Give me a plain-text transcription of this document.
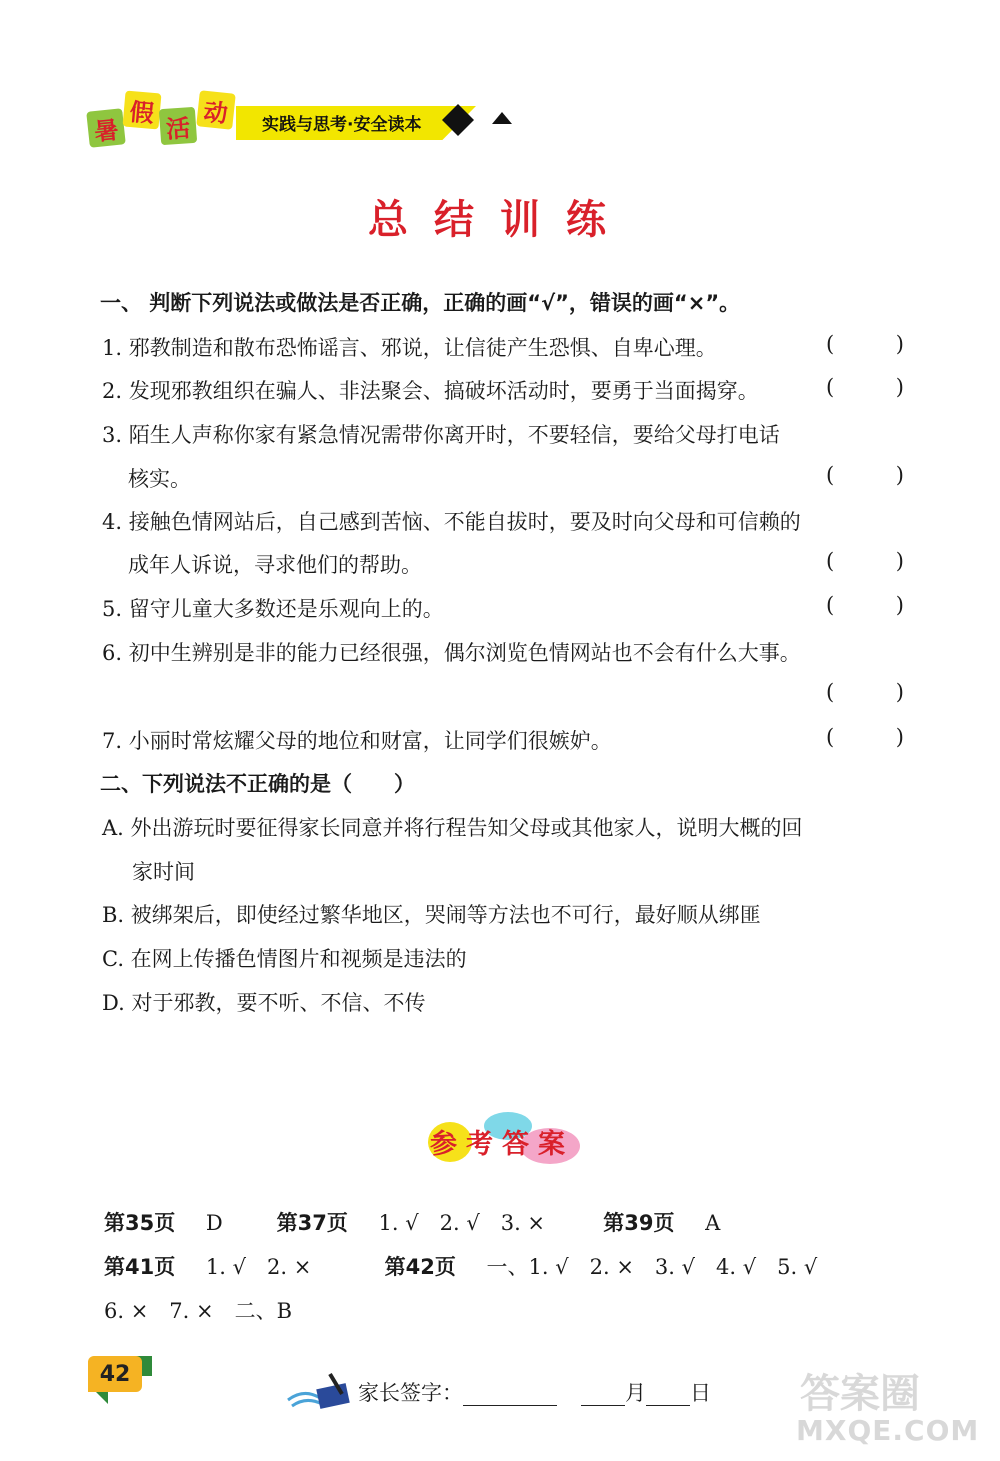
暑
假
活
动	实践与思考·安全读本
总结训练
一、 判断下列说法或做法是否正确，正确的画“√”，错误的画“×”。
1. 邪教制造和散布恐怖谣言、邪说，让信徒产生恐惧、自卑心理。	(	)
2. 发现邪教组织在骗人、非法聚会、搞破坏活动时，要勇于当面揭穿。	(	)
3. 陌生人声称你家有紧急情况需带你离开时，不要轻信，要给父母打电话
核实。	(	)
4. 接触色情网站后，自己感到苦恼、不能自拔时，要及时向父母和可信赖的
成年人诉说，寻求他们的帮助。	(	)
5. 留守儿童大多数还是乐观向上的。	(	)
6. 初中生辨别是非的能力已经很强，偶尔浏览色情网站也不会有什么大事。
(	)
7. 小丽时常炫耀父母的地位和财富，让同学们很嫉妒。	(	)
二、下列说法不正确的是（　　）
A. 外出游玩时要征得家长同意并将行程告知父母或其他家人，说明大概的回
家时间
B. 被绑架后，即使经过繁华地区，哭闹等方法也不可行，最好顺从绑匪
C. 在网上传播色情图片和视频是违法的
D. 对于邪教，要不听、不信、不传
参考答案
第35页 D	第37页 1. √　2. √　3. ×	第39页 A
第41页 1. √　2. ×	第42页 一、1. √　2. ×　3. √　4. √　5. √
6. ×　7. ×　二、B
42
家长签字：	月 日 答案圈
MXQE.COM
